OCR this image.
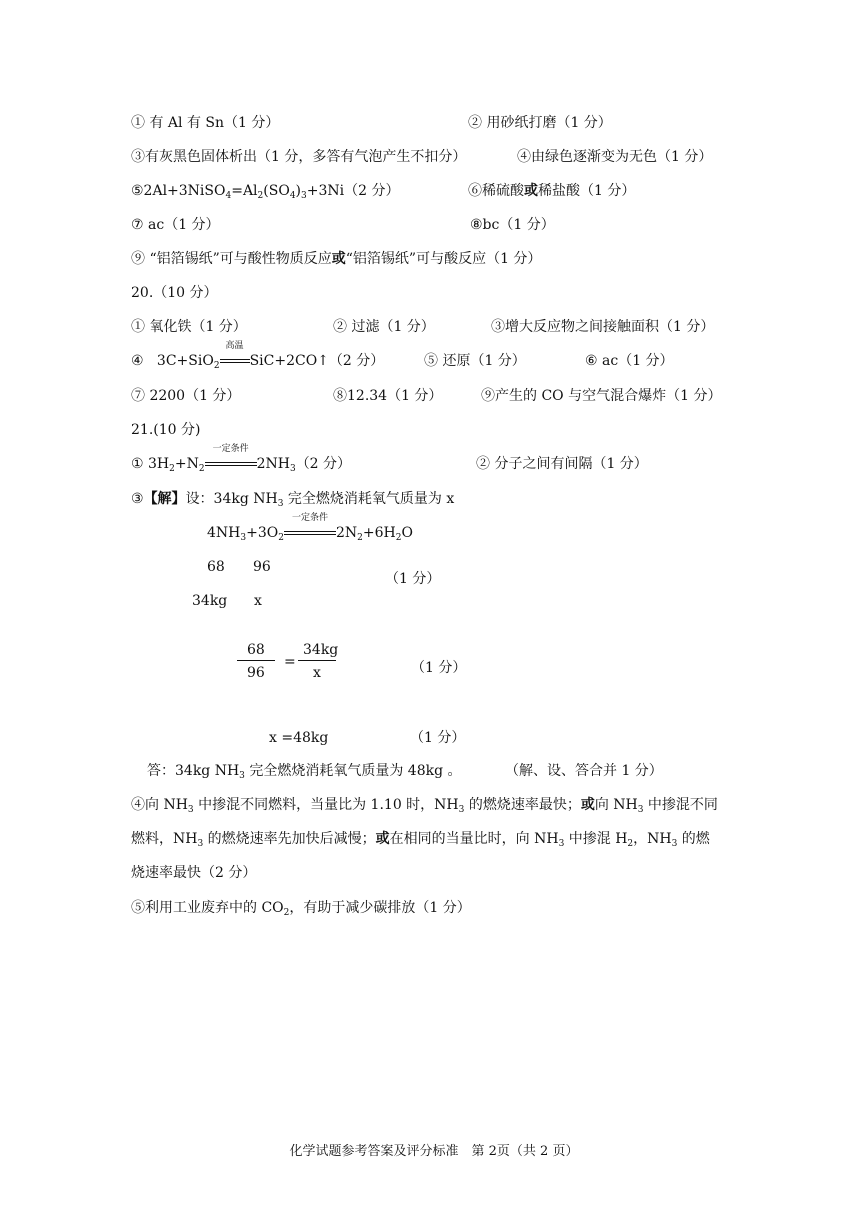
① 有 Al 有 Sn（1 分）	② 用砂纸打磨（1 分）
③有灰黑色固体析出（1 分，多答有气泡产生不扣分）	④由绿色逐渐变为无色（1 分）
$⑤2Al+3NiSO_4=Al_2(SO_4)_3+3Ni(2$ 分）	⑥稀硫酸或稀盐酸（1 分）
⑦ ac（1 分）	⑧bc（1 分）
⑨ “铝箔锡纸”可与酸性物质反应或“铝箔锡纸”可与酸反应（1 分）
20.（10 分）
① 氧化铁（1 分）	② 过滤（1 分）	③增大反应物之间接触面积（1 分）
④ 3C+SiO$_2$
高温
SiC+2CO↑（2 分）	⑤ 还原（1 分）	⑥ ac（1 分）
⑦ 2200（1 分）	⑧12.34（1 分）	⑨产生的 CO 与空气混合爆炸（1 分）
21.(10 分)
① $3H_2+N_2$
一定条件
$2NH_3(2$ 分）	② 分子之间有间隔（1 分）
③【解】设：34kg $NH_3$ 完全燃烧消耗氧气质量为 x
$4NH_3+3O_2$
一定条件
$2N_2+6H_2O$
68 96
（1 分）
34kg x
68
96
=
34kg
x	（1 分）
x =48kg	（1 分）
答：34kg $NH_3$ 完全燃烧消耗氧气质量为 48kg 。	（解、设、答合并 1 分）
④向 $NH_3$ 中掺混不同燃料，当量比为 1.10 时，$NH_3$ 的燃烧速率最快；或向 $NH_3$ 中掺混不同
燃料，$NH_3$ 的燃烧速率先加快后减慢；或在相同的当量比时，向 $NH_3$ 中掺混 $H_2$，$NH_3$ 的燃
烧速率最快（2 分）
⑤利用工业废弃中的 $CO_2$，有助于减少碳排放（1 分）
化学试题参考答案及评分标准　第 2页（共 2 页）
